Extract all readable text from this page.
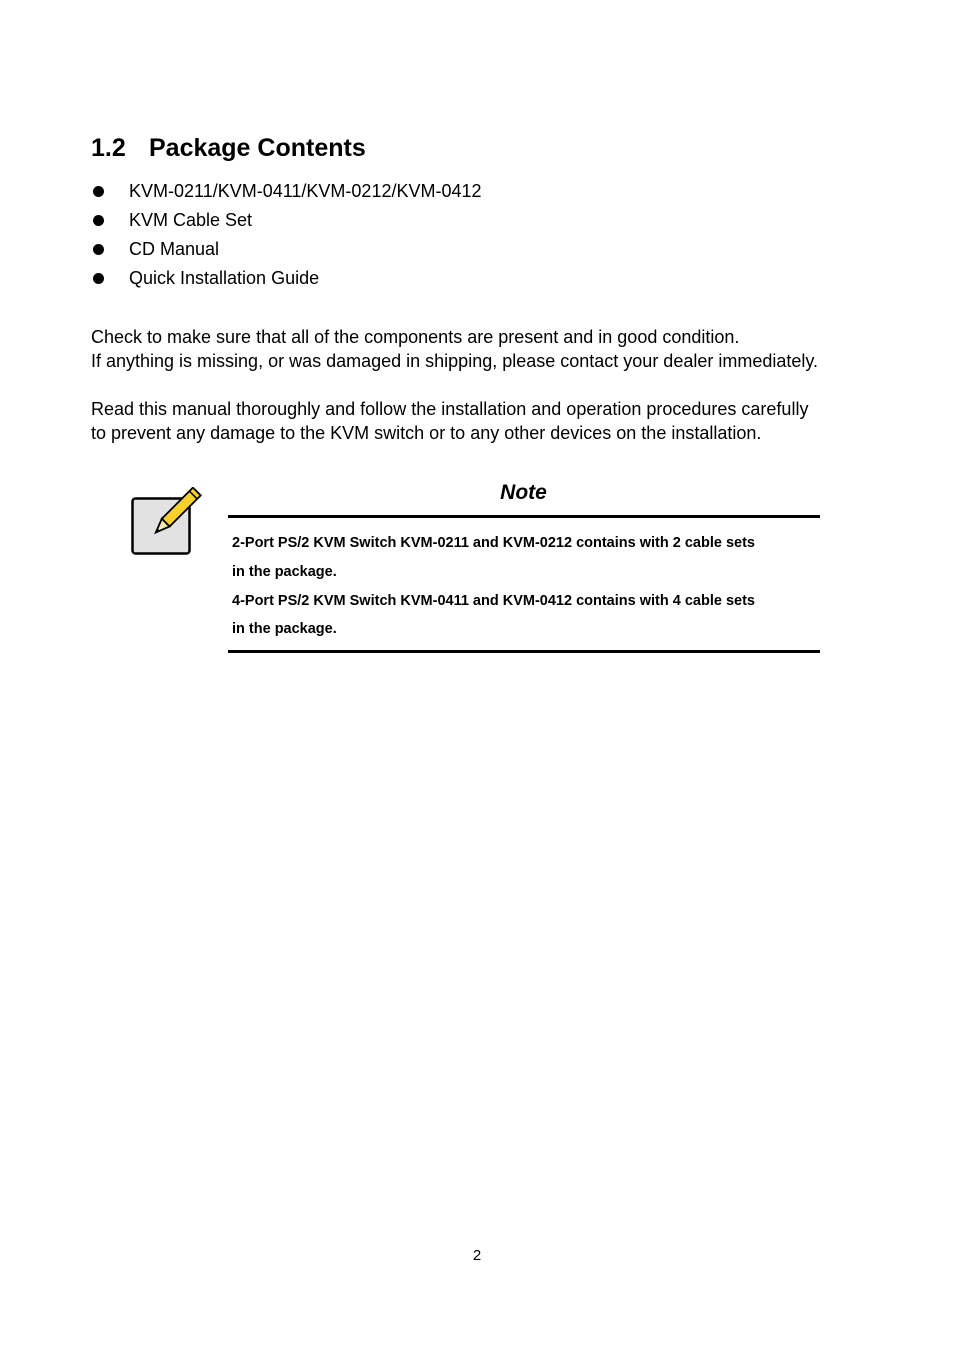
1.2 Package Contents
KVM-0211/KVM-0411/KVM-0212/KVM-0412
KVM Cable Set
CD Manual
Quick Installation Guide

Check to make sure that all of the components are present and in good condition.
If anything is missing, or was damaged in shipping, please contact your dealer immediately.

Read this manual thoroughly and follow the installation and operation procedures carefully
to prevent any damage to the KVM switch or to any other devices on the installation.

Note
2-Port PS/2 KVM Switch KVM-0211 and KVM-0212 contains with 2 cable sets
in the package.
4-Port PS/2 KVM Switch KVM-0411 and KVM-0412 contains with 4 cable sets
in the package.
2
